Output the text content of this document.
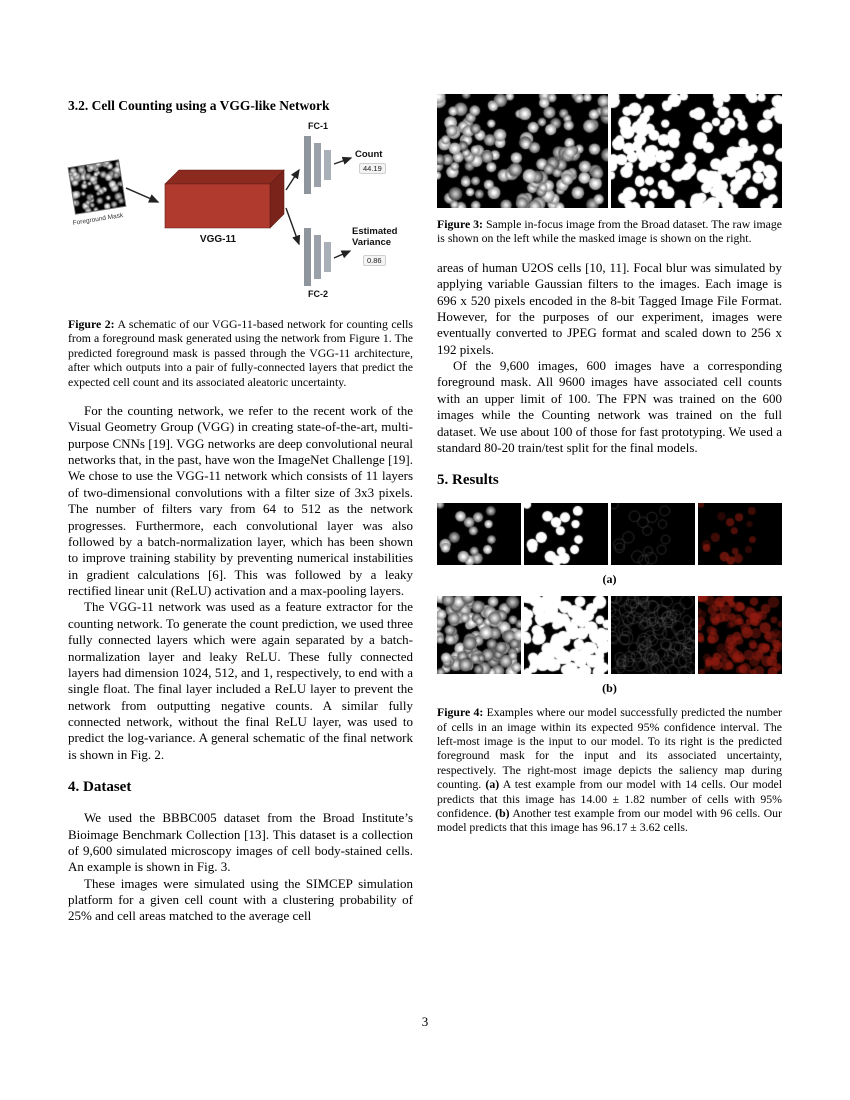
3.2. Cell Counting using a VGG-like Network
Foreground Mask
VGG-11
FC-1
FC-2
Count
44.19
Estimated Variance
0.86

Figure 2: A schematic of our VGG-11-based network for counting cells from a foreground mask generated using the network from Figure 1. The predicted foreground mask is passed through the VGG-11 architecture, after which outputs into a pair of fully-connected layers that predict the expected cell count and its associated aleatoric uncertainty.

For the counting network, we refer to the recent work of the Visual Geometry Group (VGG) in creating state-of-the-art, multi-purpose CNNs [19]. VGG networks are deep convolutional neural networks that, in the past, have won the ImageNet Challenge [19]. We chose to use the VGG-11 network which consists of 11 layers of two-dimensional convolutions with a filter size of 3x3 pixels. The number of filters vary from 64 to 512 as the network progresses. Furthermore, each convolutional layer was also followed by a batch-normalization layer, which has been shown to improve training stability by preventing numerical instabilities in gradient calculations [6]. This was followed by a leaky rectified linear unit (ReLU) activation and a max-pooling layers.

The VGG-11 network was used as a feature extractor for the counting network. To generate the count prediction, we used three fully connected layers which were again separated by a batch-normalization layer and leaky ReLU. These fully connected layers had dimension 1024, 512, and 1, respectively, to end with a single float. The final layer included a ReLU layer to prevent the network from outputting negative counts. A similar fully connected network, without the final ReLU layer, was used to predict the log-variance. A general schematic of the final network is shown in Fig. 2.

4. Dataset

We used the BBBC005 dataset from the Broad Institute’s Bioimage Benchmark Collection [13]. This dataset is a collection of 9,600 simulated microscopy images of cell body-stained cells. An example is shown in Fig. 3.

These images were simulated using the SIMCEP simulation platform for a given cell count with a clustering probability of 25% and cell areas matched to the average cell

Figure 3: Sample in-focus image from the Broad dataset. The raw image is shown on the left while the masked image is shown on the right.

areas of human U2OS cells [10, 11]. Focal blur was simulated by applying variable Gaussian filters to the images. Each image is 696 x 520 pixels encoded in the 8-bit Tagged Image File Format. However, for the purposes of our experiment, images were eventually converted to JPEG format and scaled down to 256 x 192 pixels.

Of the 9,600 images, 600 images have a corresponding foreground mask. All 9600 images have associated cell counts with an upper limit of 100. The FPN was trained on the 600 images while the Counting network was trained on the full dataset. We use about 100 of those for fast prototyping. We used a standard 80-20 train/test split for the final models.

5. Results
(a)
(b)

Figure 4: Examples where our model successfully predicted the number of cells in an image within its expected 95% confidence interval. The left-most image is the input to our model. To its right is the predicted foreground mask for the input and its associated uncertainty, respectively. The right-most image depicts the saliency map during counting. (a) A test example from our model with 14 cells. Our model predicts that this image has 14.00 ± 1.82 number of cells with 95% confidence. (b) Another test example from our model with 96 cells. Our model predicts that this image has 96.17 ± 3.62 cells.

3
